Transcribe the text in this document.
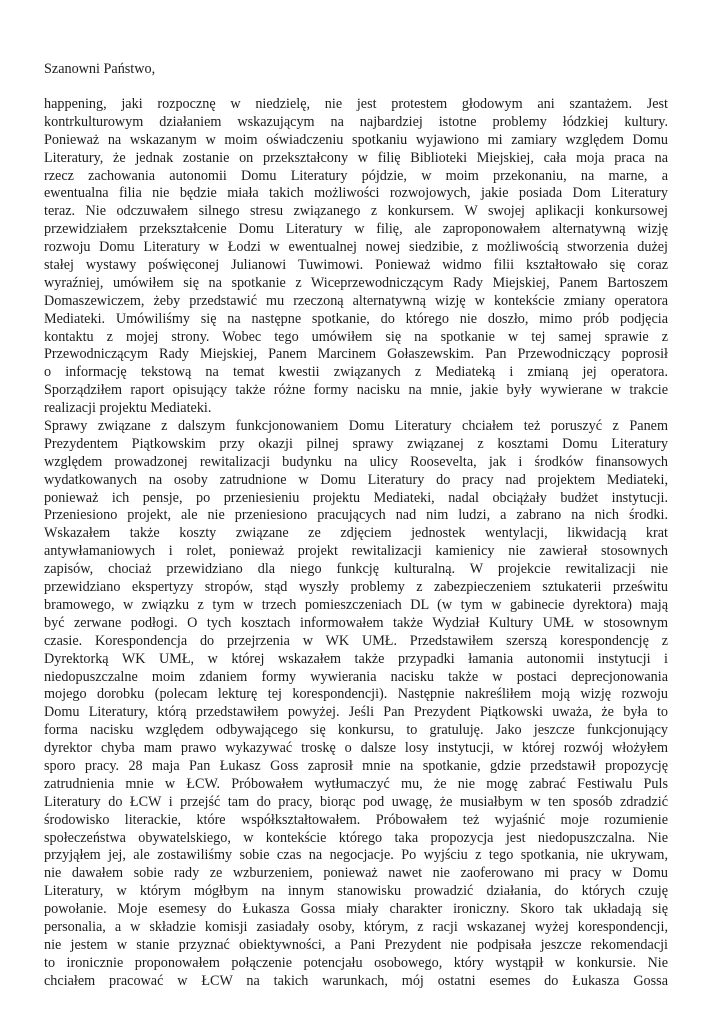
Szanowni Państwo,

happening, jaki rozpocznę w niedzielę, nie jest protestem głodowym ani szantażem. Jest
kontrkulturowym działaniem wskazującym na najbardziej istotne problemy łódzkiej kultury.
Ponieważ na wskazanym w moim oświadczeniu spotkaniu wyjawiono mi zamiary względem Domu
Literatury, że jednak zostanie on przekształcony w filię Biblioteki Miejskiej, cała moja praca na
rzecz zachowania autonomii Domu Literatury pójdzie, w moim przekonaniu, na marne, a
ewentualna filia nie będzie miała takich możliwości rozwojowych, jakie posiada Dom Literatury
teraz. Nie odczuwałem silnego stresu związanego z konkursem. W swojej aplikacji konkursowej
przewidziałem przekształcenie Domu Literatury w filię, ale zaproponowałem alternatywną wizję
rozwoju Domu Literatury w Łodzi w ewentualnej nowej siedzibie, z możliwością stworzenia dużej
stałej wystawy poświęconej Julianowi Tuwimowi. Ponieważ widmo filii kształtowało się coraz
wyraźniej, umówiłem się na spotkanie z Wiceprzewodniczącym Rady Miejskiej, Panem Bartoszem
Domaszewiczem, żeby przedstawić mu rzeczoną alternatywną wizję w kontekście zmiany operatora
Mediateki. Umówiliśmy się na następne spotkanie, do którego nie doszło, mimo prób podjęcia
kontaktu z mojej strony. Wobec tego umówiłem się na spotkanie w tej samej sprawie z
Przewodniczącym Rady Miejskiej, Panem Marcinem Gołaszewskim. Pan Przewodniczący poprosił
o informację tekstową na temat kwestii związanych z Mediateką i zmianą jej operatora.
Sporządziłem raport opisujący także różne formy nacisku na mnie, jakie były wywierane w trakcie
realizacji projektu Mediateki.
Sprawy związane z dalszym funkcjonowaniem Domu Literatury chciałem też poruszyć z Panem
Prezydentem Piątkowskim przy okazji pilnej sprawy związanej z kosztami Domu Literatury
względem prowadzonej rewitalizacji budynku na ulicy Roosevelta, jak i środków finansowych
wydatkowanych na osoby zatrudnione w Domu Literatury do pracy nad projektem Mediateki,
ponieważ ich pensje, po przeniesieniu projektu Mediateki, nadal obciążały budżet instytucji.
Przeniesiono projekt, ale nie przeniesiono pracujących nad nim ludzi, a zabrano na nich środki.
Wskazałem także koszty związane ze zdjęciem jednostek wentylacji, likwidacją krat
antywłamaniowych i rolet, ponieważ projekt rewitalizacji kamienicy nie zawierał stosownych
zapisów, chociaż przewidziano dla niego funkcję kulturalną. W projekcie rewitalizacji nie
przewidziano ekspertyzy stropów, stąd wyszły problemy z zabezpieczeniem sztukaterii prześwitu
bramowego, w związku z tym w trzech pomieszczeniach DL (w tym w gabinecie dyrektora) mają
być zerwane podłogi. O tych kosztach informowałem także Wydział Kultury UMŁ w stosownym
czasie. Korespondencja do przejrzenia w WK UMŁ. Przedstawiłem szerszą korespondencję z
Dyrektorką WK UMŁ, w której wskazałem także przypadki łamania autonomii instytucji i
niedopuszczalne moim zdaniem formy wywierania nacisku także w postaci deprecjonowania
mojego dorobku (polecam lekturę tej korespondencji). Następnie nakreśliłem moją wizję rozwoju
Domu Literatury, którą przedstawiłem powyżej. Jeśli Pan Prezydent Piątkowski uważa, że była to
forma nacisku względem odbywającego się konkursu, to gratuluję. Jako jeszcze funkcjonujący
dyrektor chyba mam prawo wykazywać troskę o dalsze losy instytucji, w której rozwój włożyłem
sporo pracy. 28 maja Pan Łukasz Goss zaprosił mnie na spotkanie, gdzie przedstawił propozycję
zatrudnienia mnie w ŁCW. Próbowałem wytłumaczyć mu, że nie mogę zabrać Festiwalu Puls
Literatury do ŁCW i przejść tam do pracy, biorąc pod uwagę, że musiałbym w ten sposób zdradzić
środowisko literackie, które współkształtowałem. Próbowałem też wyjaśnić moje rozumienie
społeczeństwa obywatelskiego, w kontekście którego taka propozycja jest niedopuszczalna. Nie
przyjąłem jej, ale zostawiliśmy sobie czas na negocjacje. Po wyjściu z tego spotkania, nie ukrywam,
nie dawałem sobie rady ze wzburzeniem, ponieważ nawet nie zaoferowano mi pracy w Domu
Literatury, w którym mógłbym na innym stanowisku prowadzić działania, do których czuję
powołanie. Moje esemesy do Łukasza Gossa miały charakter ironiczny. Skoro tak układają się
personalia, a w składzie komisji zasiadały osoby, którym, z racji wskazanej wyżej korespondencji,
nie jestem w stanie przyznać obiektywności, a Pani Prezydent nie podpisała jeszcze rekomendacji
to ironicznie proponowałem połączenie potencjału osobowego, który wystąpił w konkursie. Nie
chciałem pracować w ŁCW na takich warunkach, mój ostatni esemes do Łukasza Gossa
